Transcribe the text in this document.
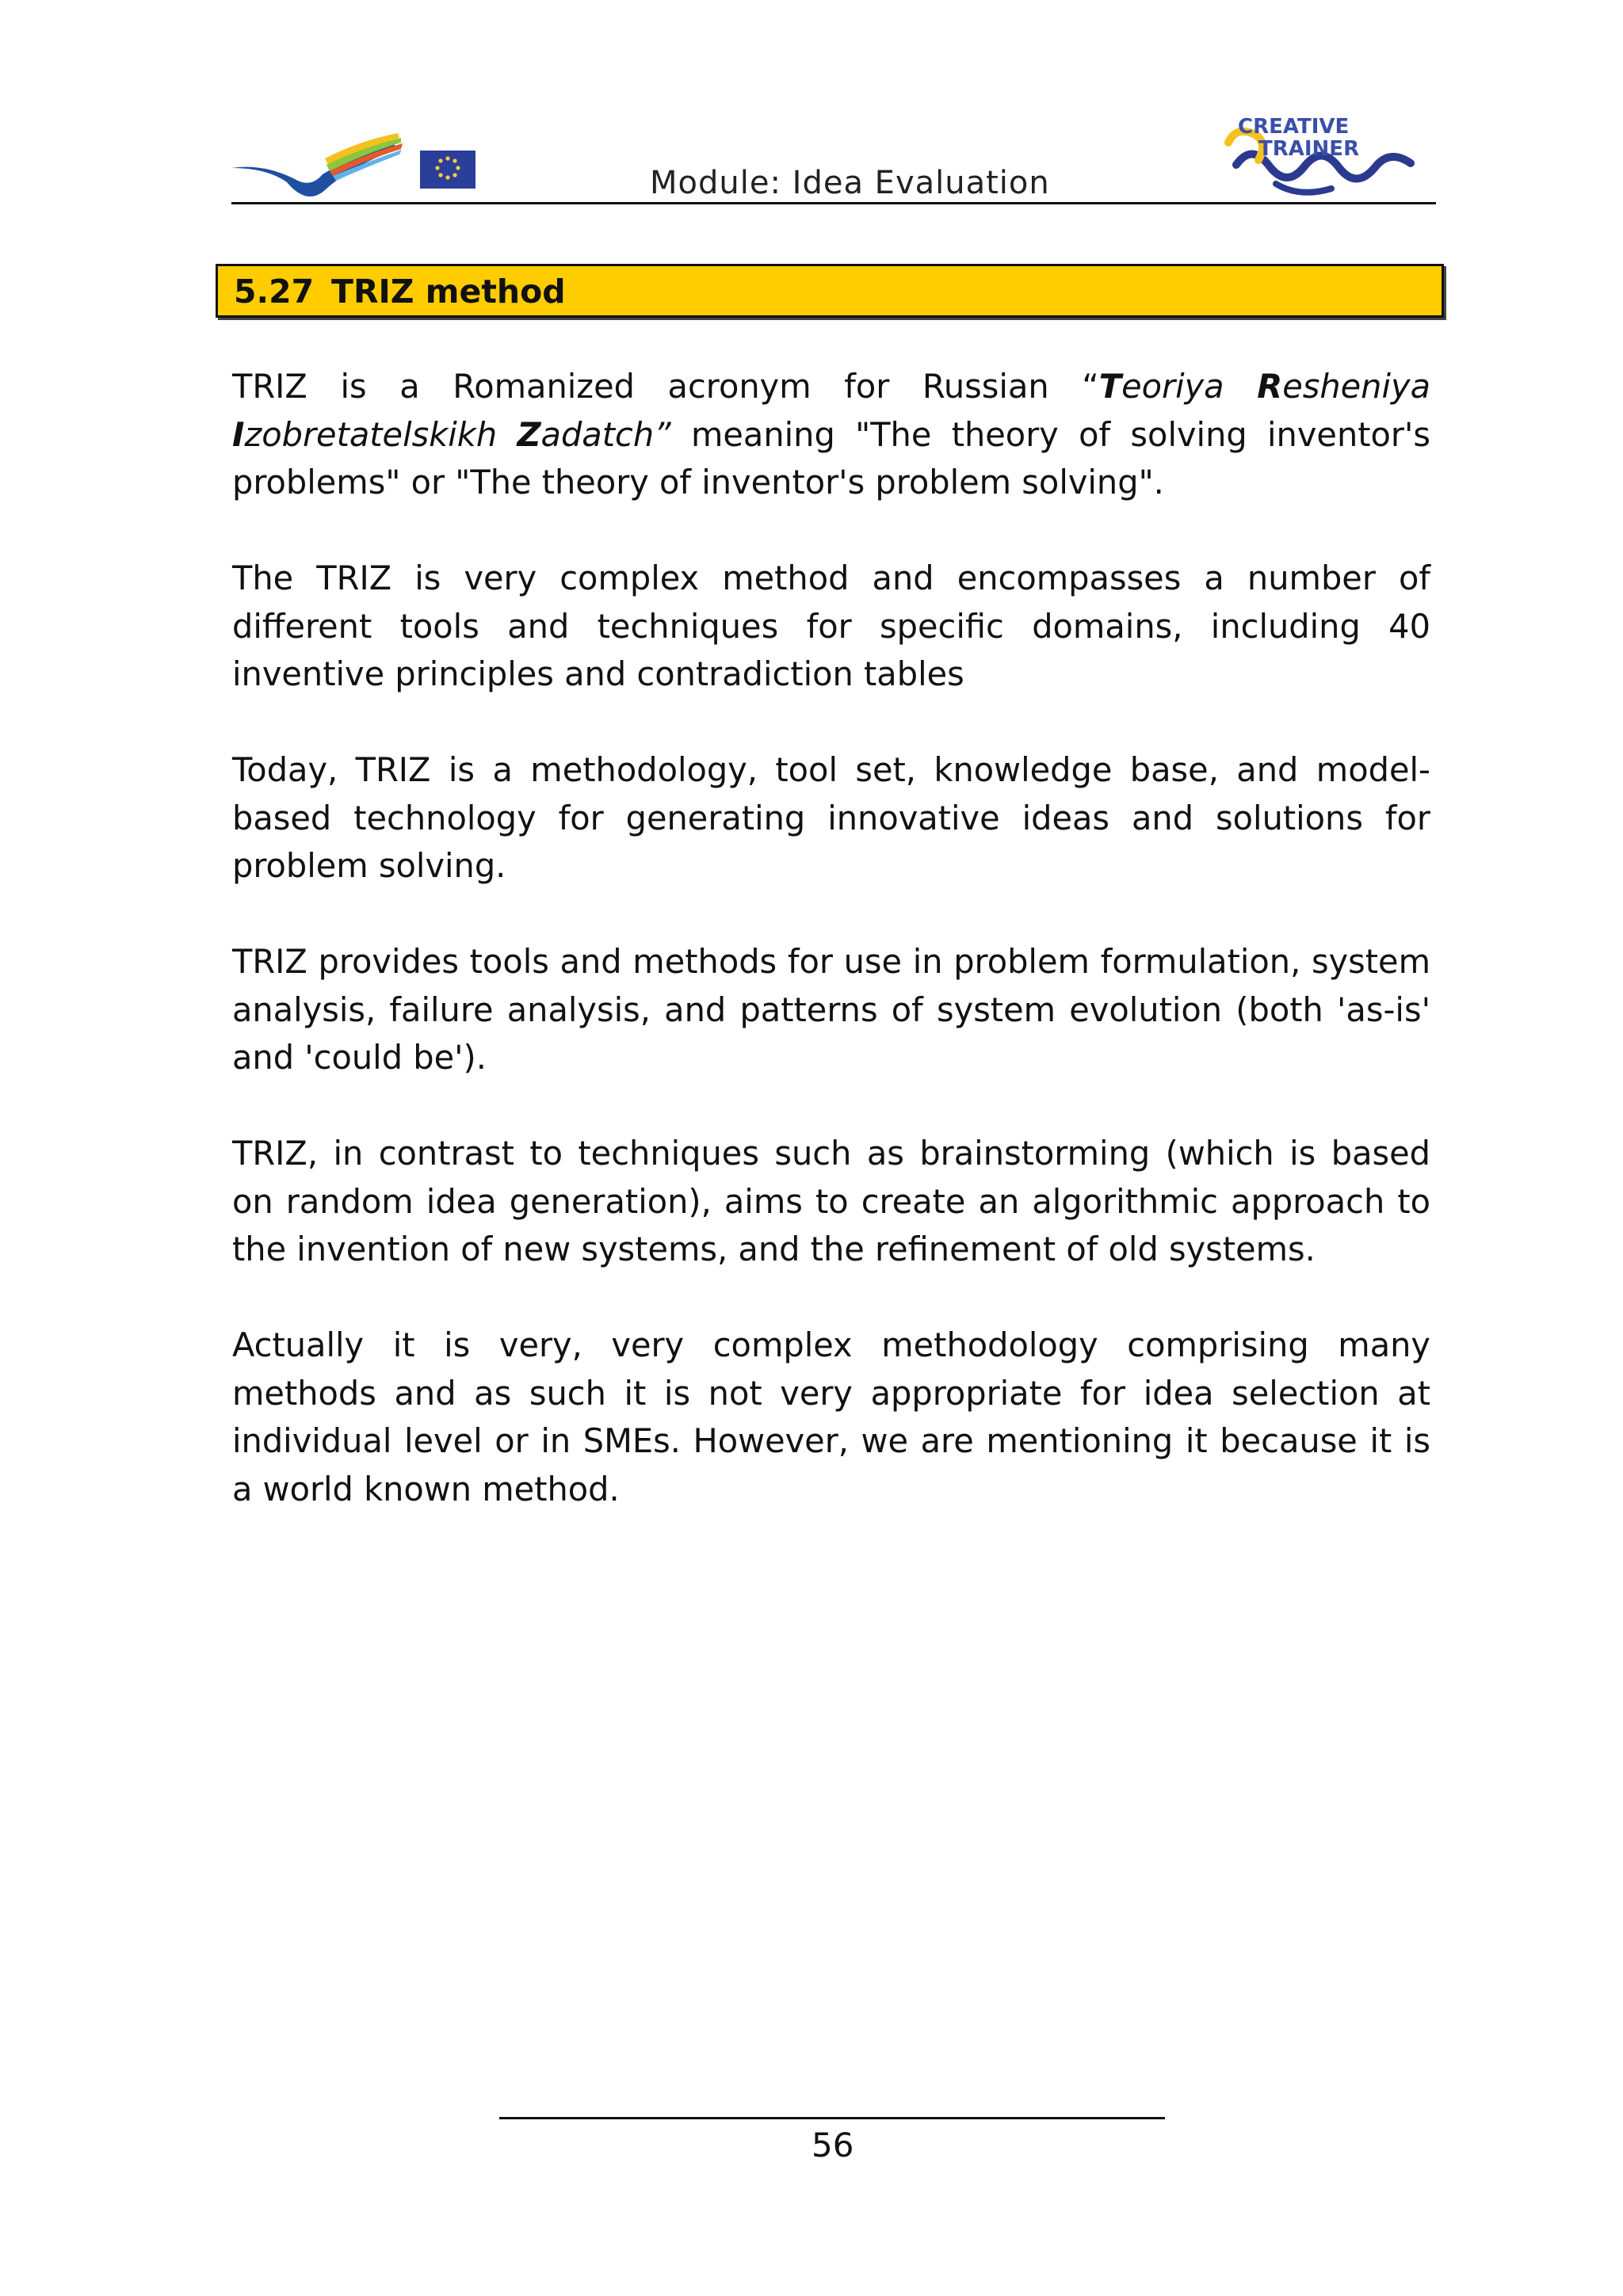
Module: Idea Evaluation
CREATIVE
TRAINER
5.27 TRIZ method

TRIZ is a Romanized acronym for Russian “Teoriya Resheniya Izobretatelskikh Zadatch” meaning "The theory of solving inventor's problems" or "The theory of inventor's problem solving".

The TRIZ is very complex method and encompasses a number of different tools and techniques for specific domains, including 40 inventive principles and contradiction tables

Today, TRIZ is a methodology, tool set, knowledge base, and model-based technology for generating innovative ideas and solutions for problem solving.

TRIZ provides tools and methods for use in problem formulation, system analysis, failure analysis, and patterns of system evolution (both 'as-is' and 'could be').

TRIZ, in contrast to techniques such as brainstorming (which is based on random idea generation), aims to create an algorithmic approach to the invention of new systems, and the refinement of old systems.

Actually it is very, very complex methodology comprising many methods and as such it is not very appropriate for idea selection at individual level or in SMEs. However, we are mentioning it because it is a world known method.

56
